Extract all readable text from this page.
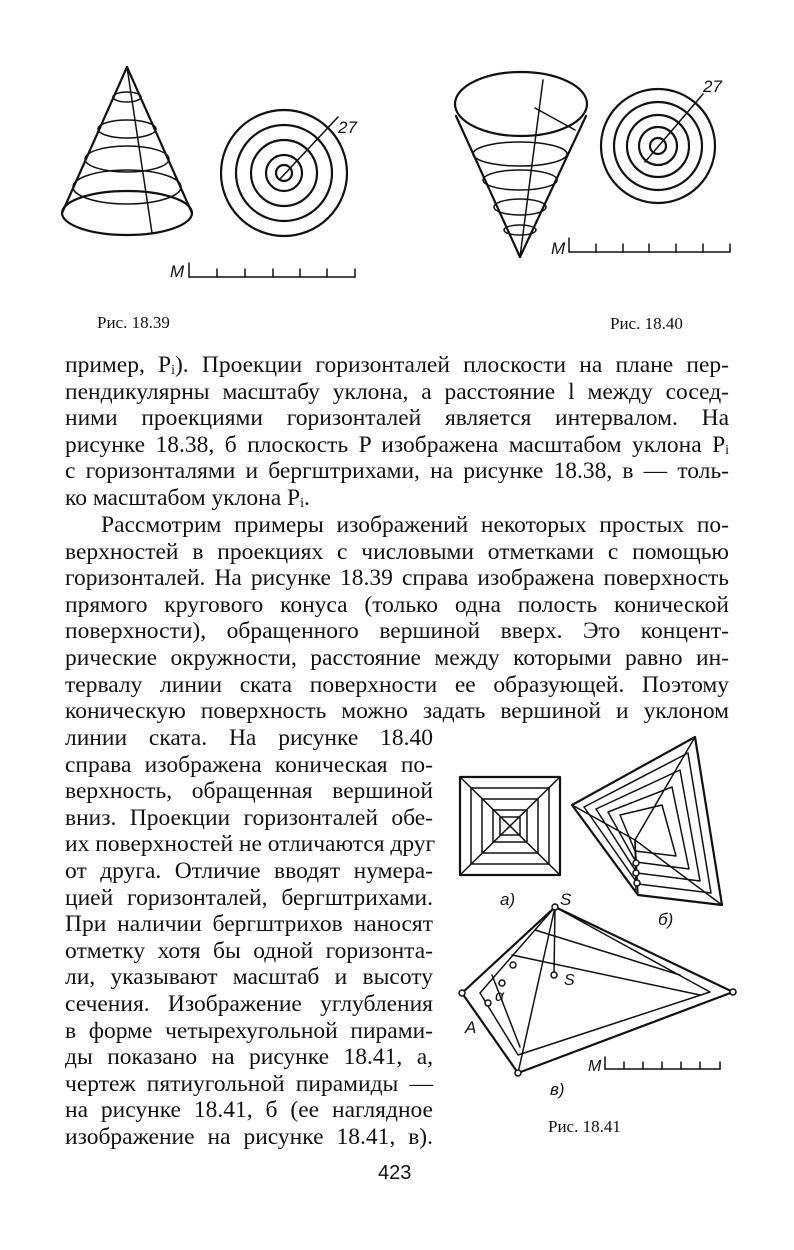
27
M
Рис. 18.39
27
M
Рис. 18.40
пример, Pᵢ). Проекции горизонталей плоскости на плане пер-
пендикулярны масштабу уклона, а расстояние l между сосед-
ними проекциями горизонталей является интервалом. На
рисунке 18.38, б плоскость P изображена масштабом уклона Pᵢ
с горизонталями и бергштрихами, на рисунке 18.38, в — толь-
ко масштабом уклона Pᵢ.
Рассмотрим примеры изображений некоторых простых по-
верхностей в проекциях с числовыми отметками с помощью
горизонталей. На рисунке 18.39 справа изображена поверхность
прямого кругового конуса (только одна полость конической
поверхности), обращенного вершиной вверх. Это концент-
рические окружности, расстояние между которыми равно ин-
тервалу линии ската поверхности ее образующей. Поэтому
коническую поверхность можно задать вершиной и уклоном
линии ската. На рисунке 18.40
справа изображена коническая по-
верхность, обращенная вершиной
вниз. Проекции горизонталей обе-
их поверхностей не отличаются друг
от друга. Отличие вводят нумера-
цией горизонталей, бергштрихами.
При наличии бергштрихов наносят
отметку хотя бы одной горизонта-
ли, указывают масштаб и высоту
сечения. Изображение углубления
в форме четырехугольной пирами-
ды показано на рисунке 18.41, а,
чертеж пятиугольной пирамиды —
на рисунке 18.41, б (ее наглядное
изображение на рисунке 18.41, в).
а)
б)
S
S
α
A
в)
M
Рис. 18.41
423
